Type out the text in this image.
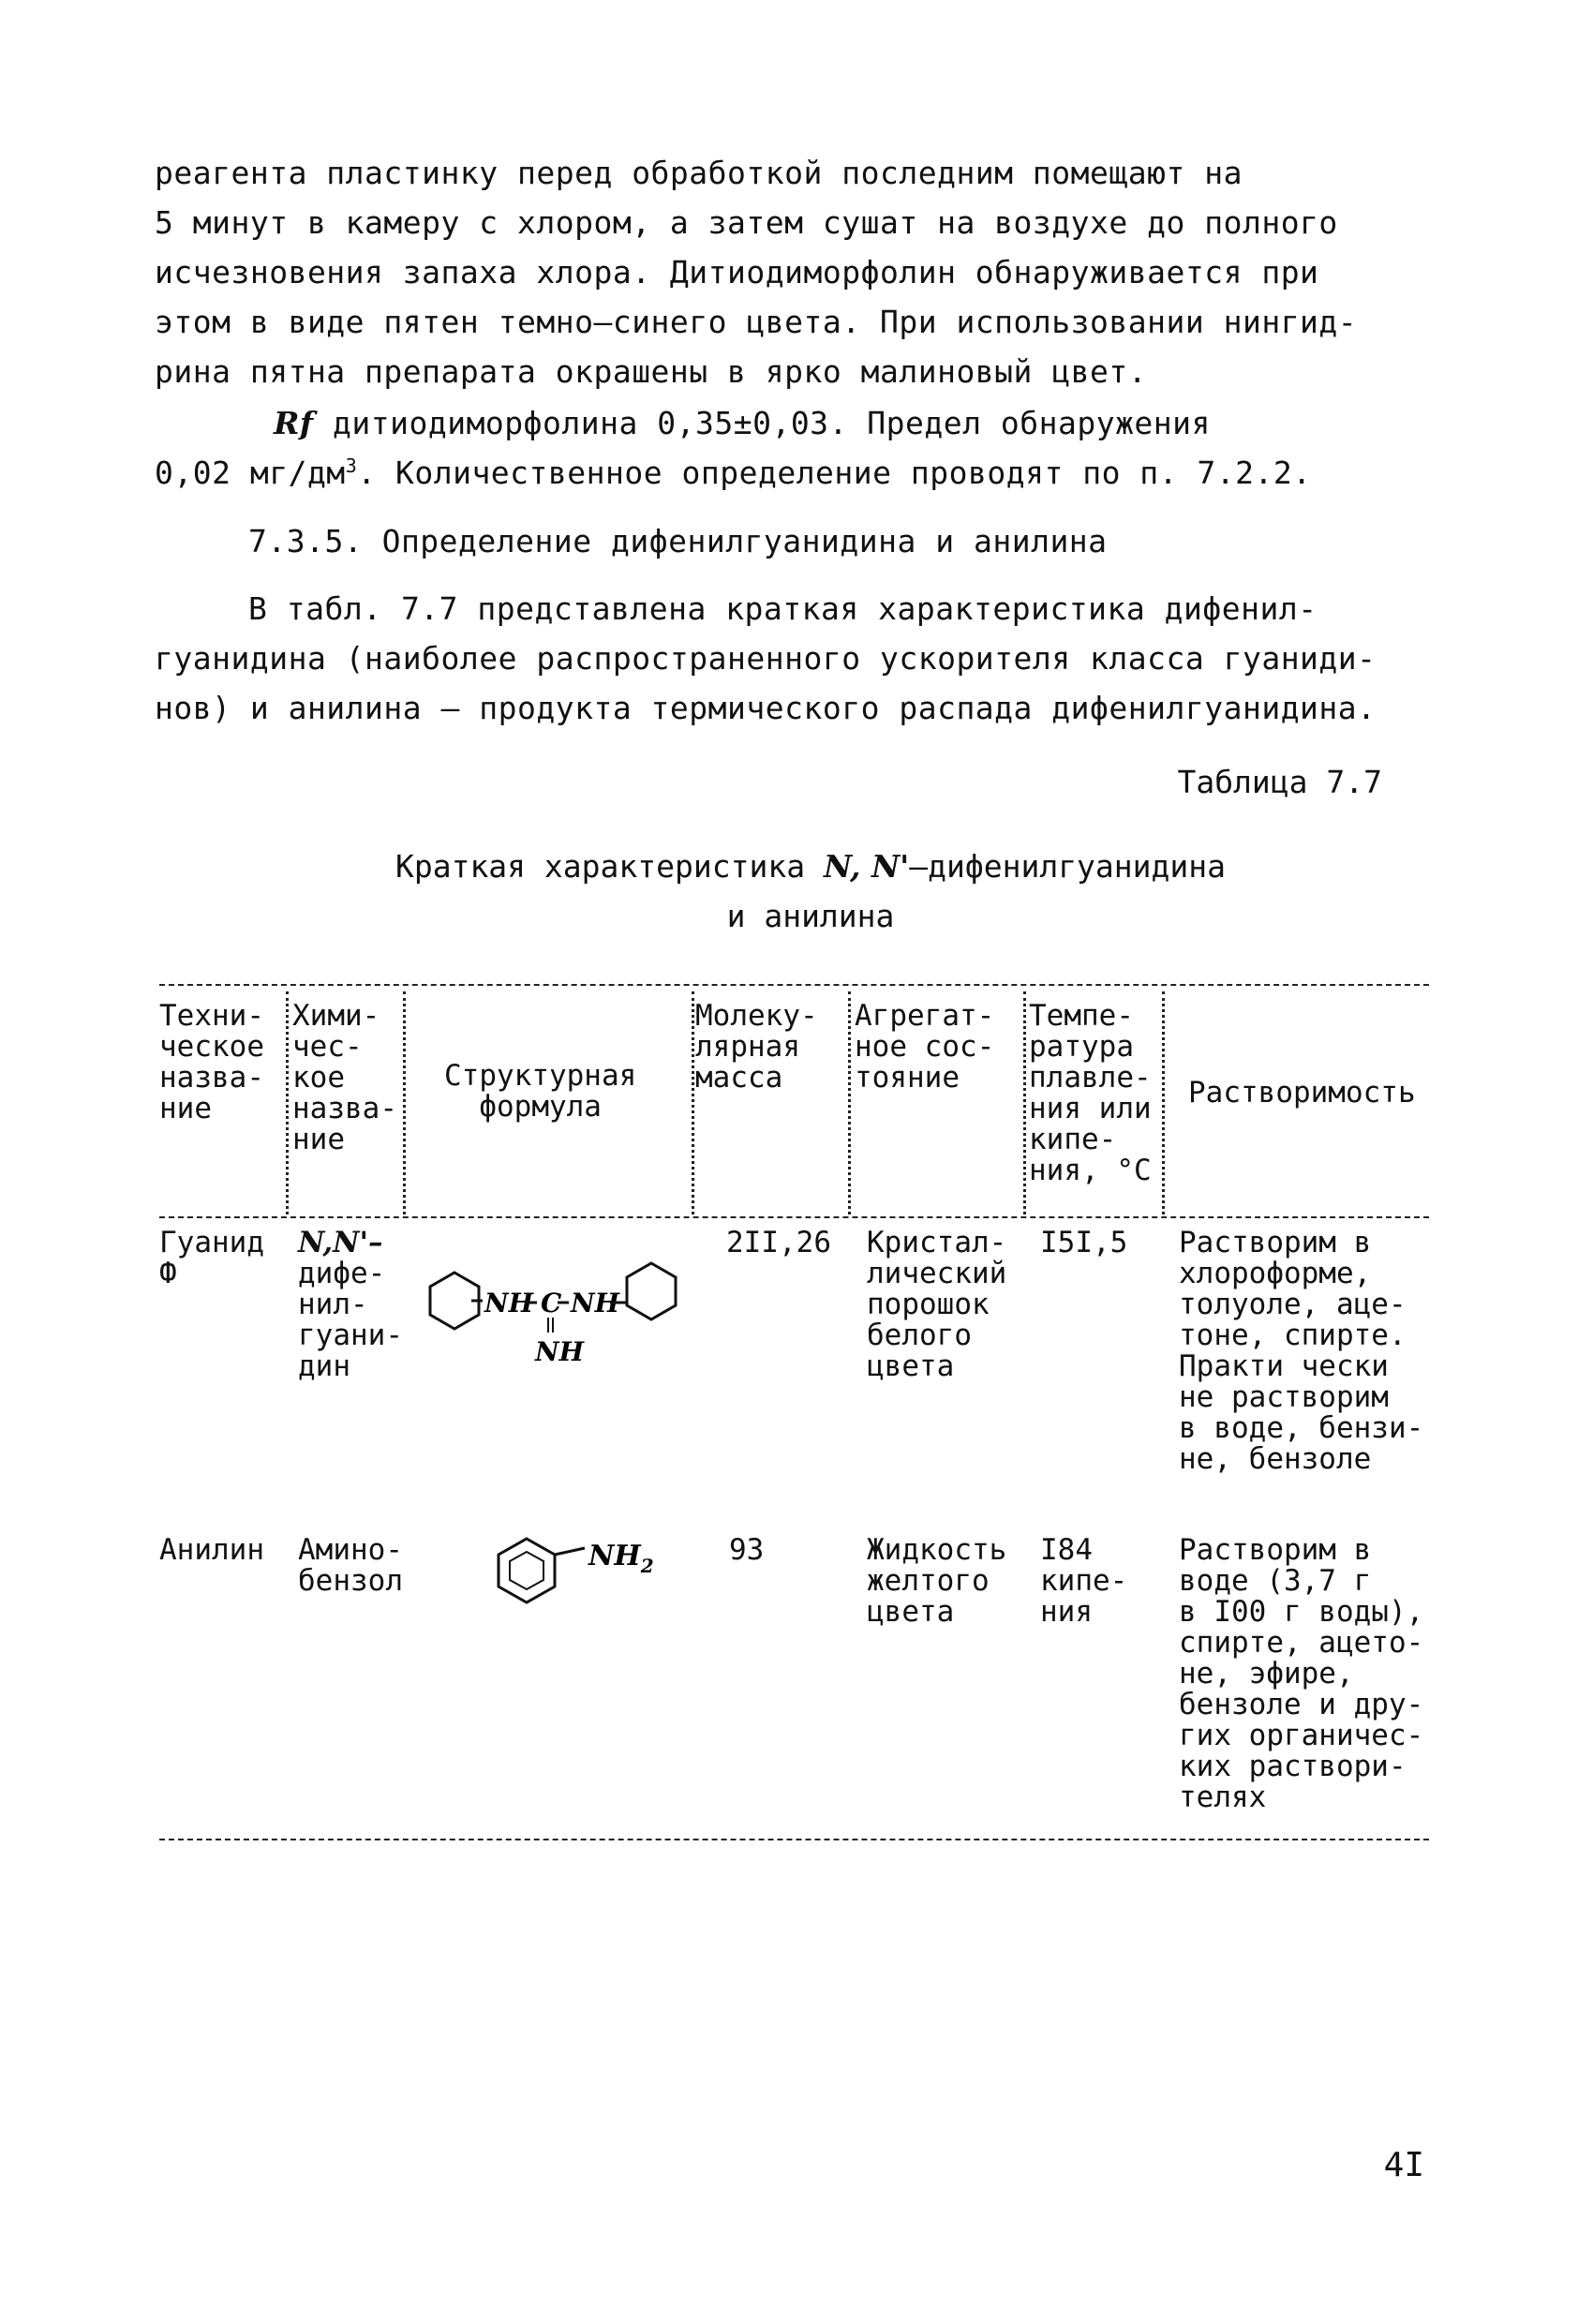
реагента пластинку перед обработкой последним помещают на

5 минут в камеру с хлором, а затем сушат на воздухе до полного

исчезновения запаха хлора. Дитиодиморфолин обнаруживается при

этом в виде пятен темно–синего цвета. При использовании нингид-

рина пятна препарата окрашены в ярко малиновый цвет.

Rf дитиодиморфолина 0,35±0,03. Предел обнаружения

0,02 $мг/дм^3$. Количественное определение проводят по п. 7.2.2.

7.3.5. Определение дифенилгуанидина и анилина

В табл. 7.7 представлена краткая характеристика дифенил-

гуанидина (наиболее распространенного ускорителя класса гуаниди-

нов) и анилина – продукта термического распада дифенилгуанидина.

Таблица 7.7

Краткая характеристика N, N'–дифенилгуанидина

и анилина

Техни-
ческое
назва-
ние

Хими-
чес-
кое
назва-
ние

Структурная
формула

Молеку-
лярная
масса

Агрегат-
ное сос-
тояние

Темпе-
ратура
плавле-
ния или
кипе-
ния, °С

Растворимость

Гуанид
Ф

N,N'–
дифе-
нил-
гуани-
дин

NH C NH
NH

2II,26 Кристал-
лический
порошок
белого
цвета

I5I,5 Растворим в
хлороформе,
толуоле, аце-
тоне, спирте.
Практи чески
не растворим
в воде, бензи-
не, бензоле

Анилин Амино-
бензол

$NH_2$	93	Жидкость
желтого
цвета

I84
кипе-
ния

Растворим в
воде (3,7 г
в I00 г воды),
спирте, ацето-
не, эфире,
бензоле и дру-
гих органичес-
ких раствори-
телях

4I
